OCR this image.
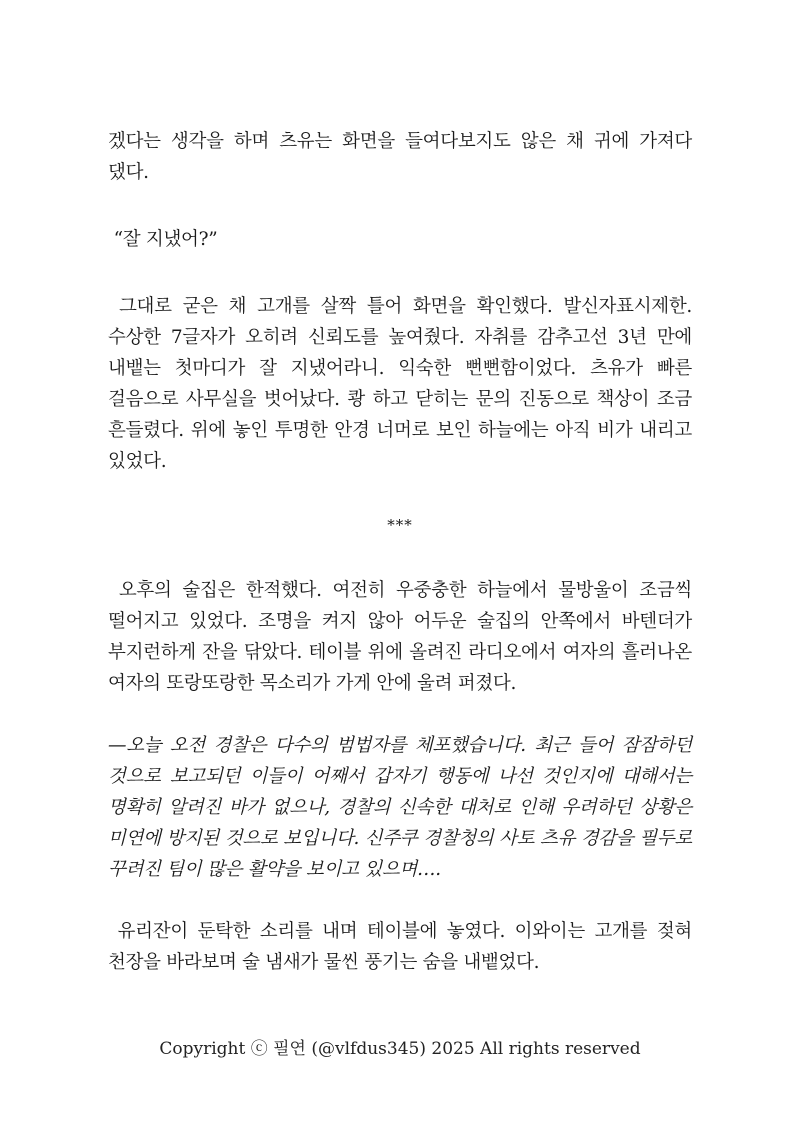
겠다는 생각을 하며 츠유는 화면을 들여다보지도 않은 채 귀에 가져다 댔다.

“잘 지냈어?”

그대로 굳은 채 고개를 살짝 틀어 화면을 확인했다. 발신자표시제한. 수상한 7글자가 오히려 신뢰도를 높여줬다. 자취를 감추고선 3년 만에 내뱉는 첫마디가 잘 지냈어라니. 익숙한 뻔뻔함이었다. 츠유가 빠른 걸음으로 사무실을 벗어났다. 쾅 하고 닫히는 문의 진동으로 책상이 조금 흔들렸다. 위에 놓인 투명한 안경 너머로 보인 하늘에는 아직 비가 내리고 있었다.

***

오후의 술집은 한적했다. 여전히 우중충한 하늘에서 물방울이 조금씩 떨어지고 있었다. 조명을 켜지 않아 어두운 술집의 안쪽에서 바텐더가 부지런하게 잔을 닦았다. 테이블 위에 올려진 라디오에서 여자의 흘러나온 여자의 또랑또랑한 목소리가 가게 안에 울려 퍼졌다.

—오늘 오전 경찰은 다수의 범법자를 체포했습니다. 최근 들어 잠잠하던 것으로 보고되던 이들이 어째서 갑자기 행동에 나선 것인지에 대해서는 명확히 알려진 바가 없으나, 경찰의 신속한 대처로 인해 우려하던 상황은 미연에 방지된 것으로 보입니다. 신주쿠 경찰청의 사토 츠유 경감을 필두로 꾸려진 팀이 많은 활약을 보이고 있으며….

유리잔이 둔탁한 소리를 내며 테이블에 놓였다. 이와이는 고개를 젖혀 천장을 바라보며 술 냄새가 물씬 풍기는 숨을 내뱉었다.

Copyright ⓒ 필연 (@vlfdus345) 2025 All rights reserved
